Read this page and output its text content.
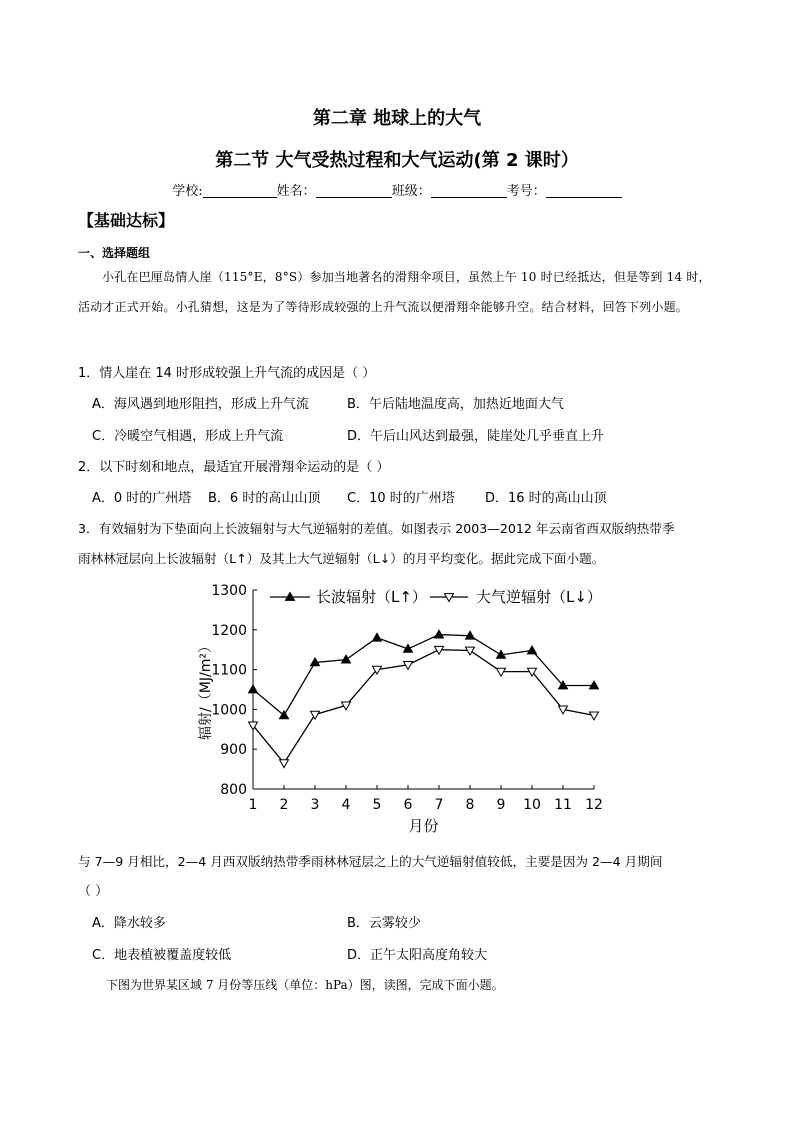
第二章 地球上的大气
第二节 大气受热过程和大气运动(第 2 课时）
学校:	姓名：	班级：	考号：
【基础达标】
一、选择题组
小孔在巴厘岛情人崖（115°E，8°S）参加当地著名的滑翔伞项目，虽然上午 10 时已经抵达，但是等到 14 时，活动才正式开始。小孔猜想，这是为了等待形成较强的上升气流以便滑翔伞能够升空。结合材料，回答下列小题。
1．情人崖在 14 时形成较强上升气流的成因是（ ）
A．海风遇到地形阻挡，形成上升气流	B．午后陆地温度高，加热近地面大气
C．冷暖空气相遇，形成上升气流	D．午后山风达到最强，陡崖处几乎垂直上升
2．以下时刻和地点，最适宜开展滑翔伞运动的是（ ）
A．0 时的广州塔 B．6 时的高山山顶 C．10 时的广州塔 D．16 时的高山山顶
3．有效辐射为下垫面向上长波辐射与大气逆辐射的差值。如图表示 2003—2012 年云南省西双版纳热带季
雨林林冠层向上长波辐射（L↑）及其上大气逆辐射（L↓）的月平均变化。据此完成下面小题。
800
900
1000
1100
1200
1300
1 2 3 4 5 6 7 8 9 10 11 12
月份
辐射/（MJ/m²）
长波辐射（L↑）	大气逆辐射（L↓）
与 7—9 月相比，2—4 月西双版纳热带季雨林林冠层之上的大气逆辐射值较低，主要是因为 2—4 月期间
（ ）
A．降水较多	B．云雾较少
C．地表植被覆盖度较低	D．正午太阳高度角较大
下图为世界某区域 7 月份等压线（单位：hPa）图，读图，完成下面小题。
